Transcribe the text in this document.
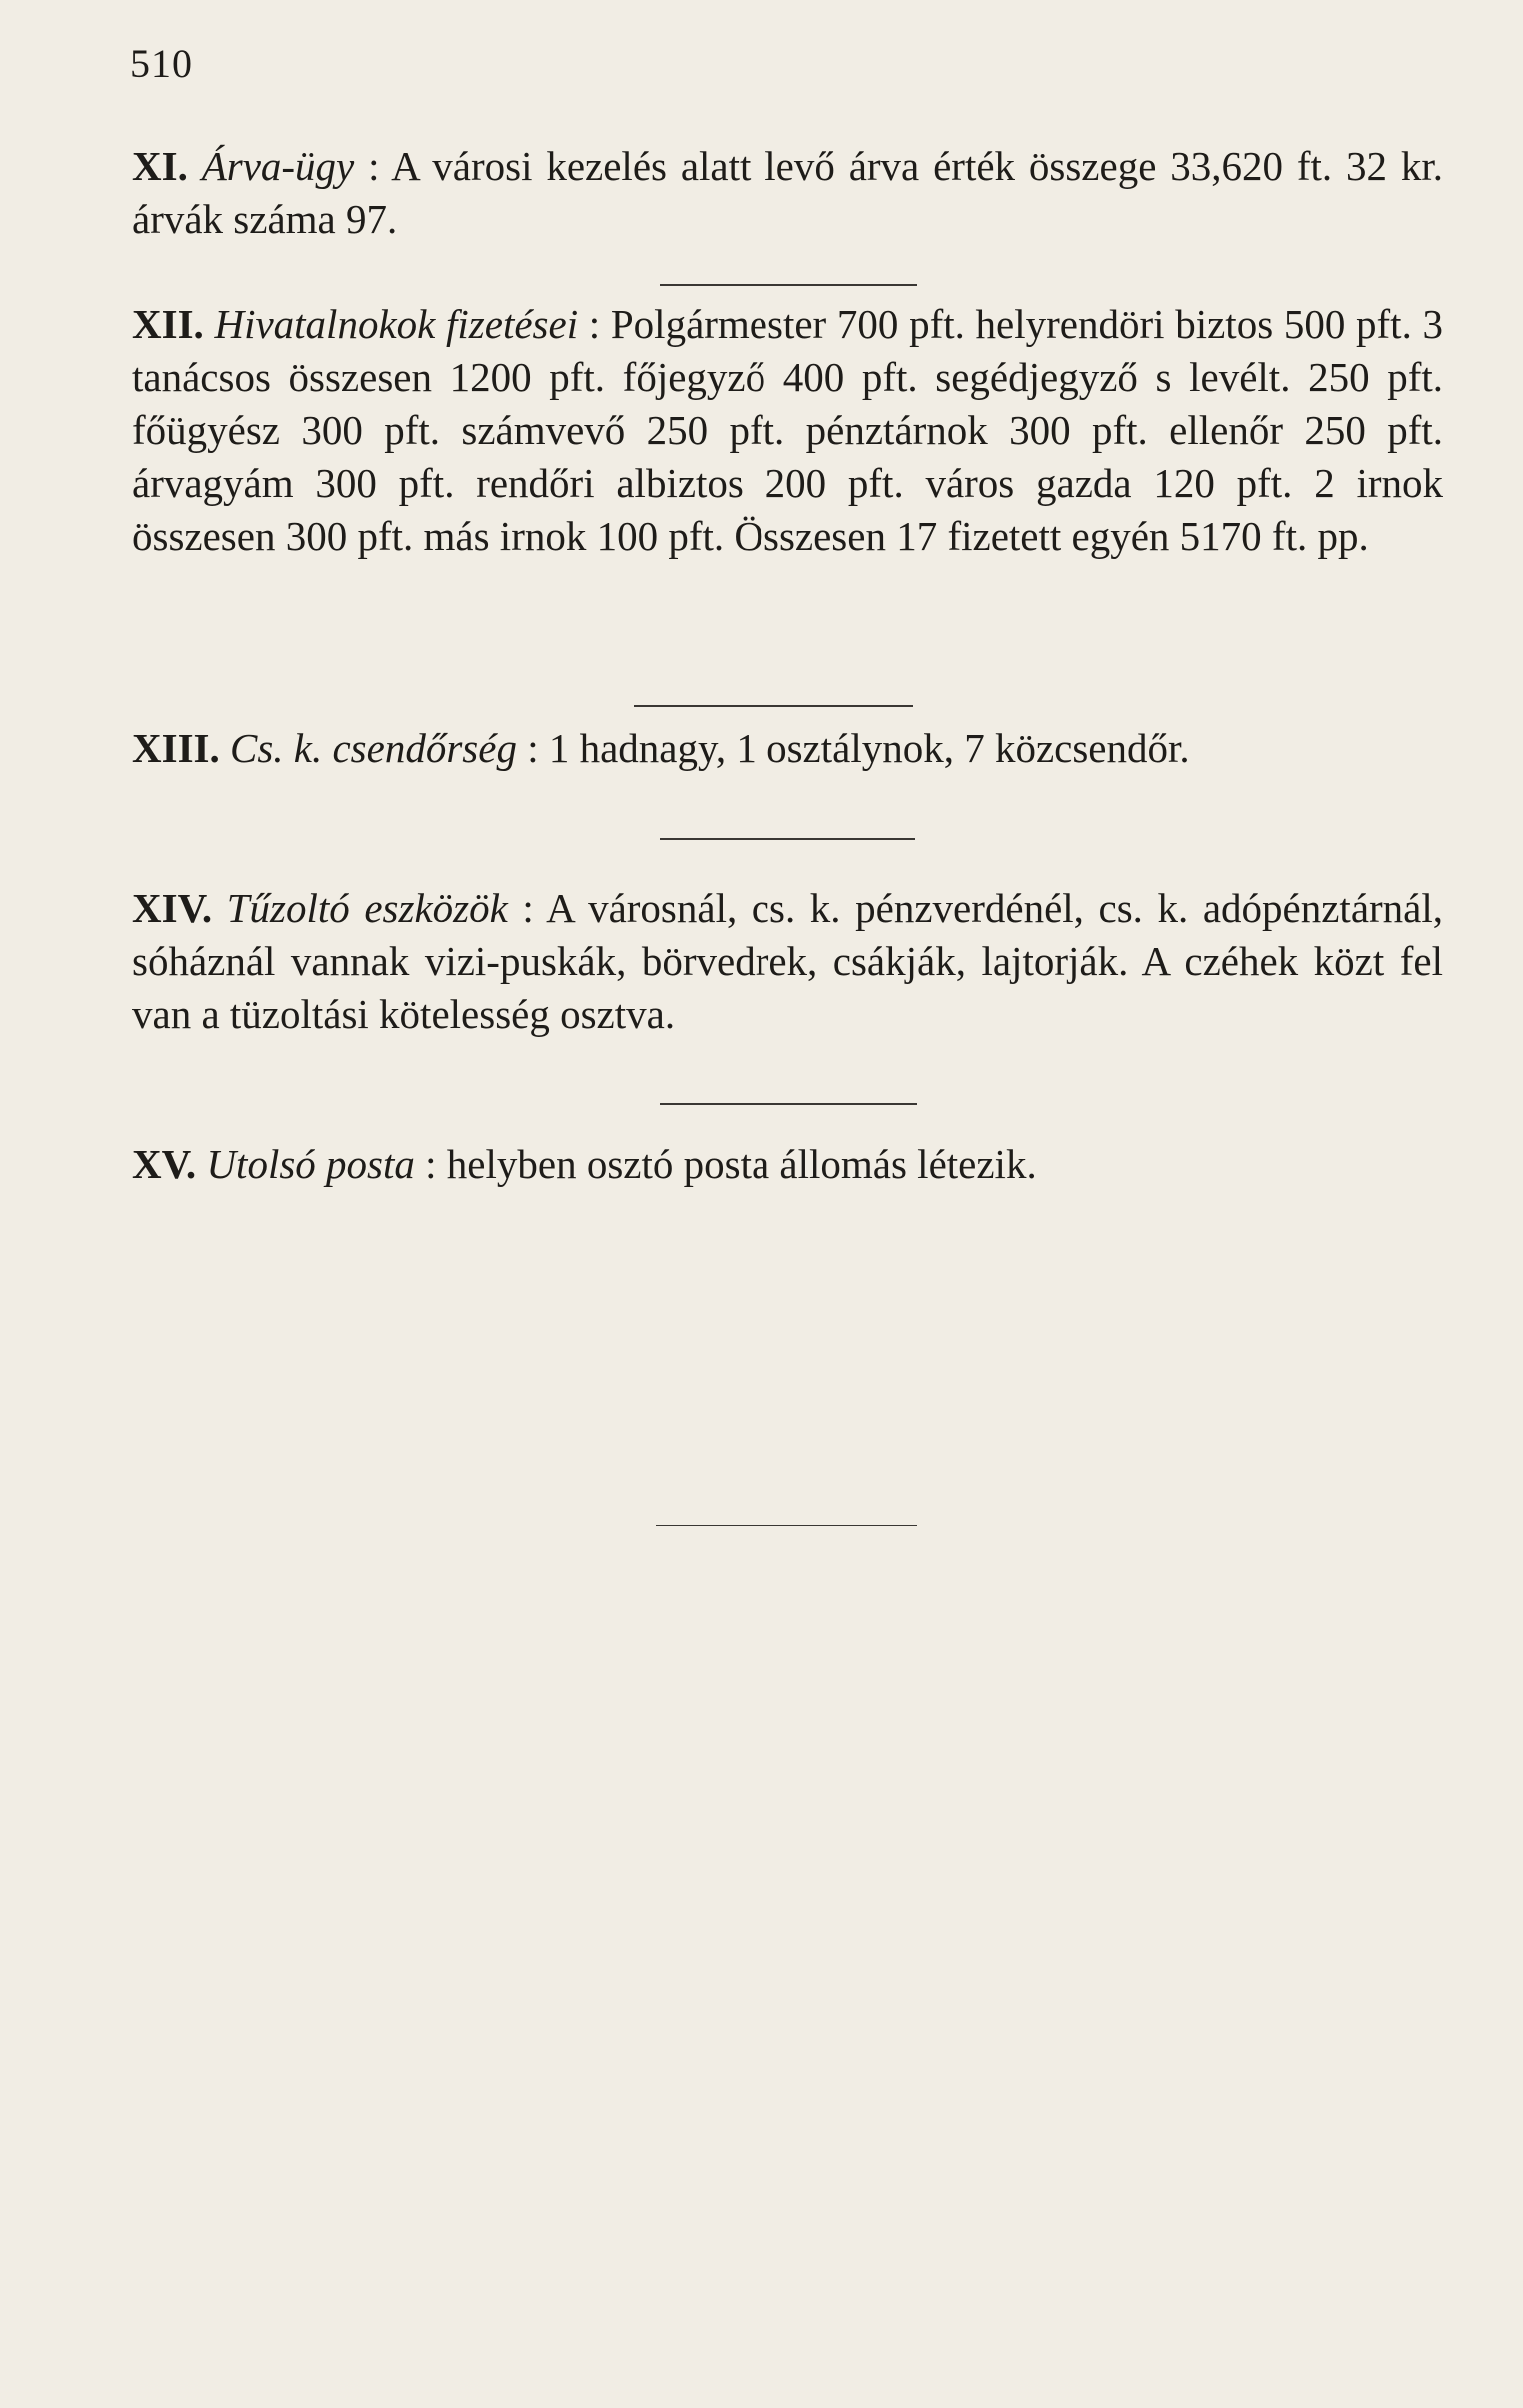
510
XI. Árva-ügy : A városi kezelés alatt levő árva érték összege 33,620 ft. 32 kr. árvák száma 97.
XII. Hivatalnokok fizetései : Polgármester 700 pft. helyrendöri biztos 500 pft. 3 tanácsos összesen 1200 pft. főjegyző 400 pft. segédjegyző s levélt. 250 pft. főügyész 300 pft. számvevő 250 pft. pénztárnok 300 pft. ellenőr 250 pft. árvagyám 300 pft. rendőri albiztos 200 pft. város gazda 120 pft. 2 irnok összesen 300 pft. más irnok 100 pft. Összesen 17 fizetett egyén 5170 ft. pp.
XIII. Cs. k. csendőrség : 1 hadnagy, 1 osztálynok, 7 közcsendőr.
XIV. Tűzoltó eszközök : A városnál, cs. k. pénzverdénél, cs. k. adópénztárnál, sóháznál vannak vizi-puskák, börvedrek, csákják, lajtorják. A czéhek közt fel van a tüzoltási kötelesség osztva.
XV. Utolsó posta : helyben osztó posta állomás létezik.
